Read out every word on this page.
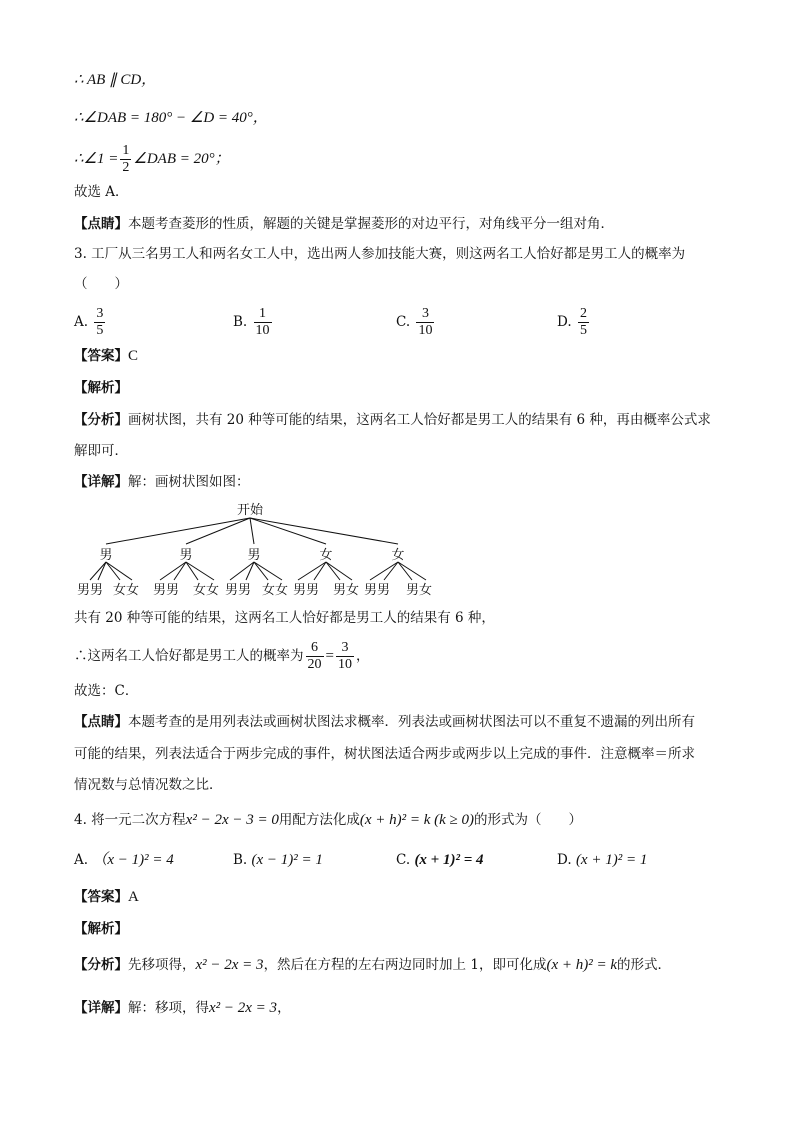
∴ AB ∥ CD，
∴∠DAB = 180° − ∠D = 40°，
∴∠1 = $\frac{1}{2}$ ∠DAB = 20°；
故选 A．
【点睛】本题考查菱形的性质，解题的关键是掌握菱形的对边平行，对角线平分一组对角．
3. 工厂从三名男工人和两名女工人中，选出两人参加技能大赛，则这两名工人恰好都是男工人的概率为
（　　）
A. $\frac{3}{5}$	B. $\frac{1}{10}$	C. $\frac{3}{10}$	D. $\frac{2}{5}$
【答案】C
【解析】
【分析】画树状图，共有 20 种等可能的结果，这两名工人恰好都是男工人的结果有 6 种，再由概率公式求
解即可．
【详解】解：画树状图如图：
开始
男	男	男	女	女
男男 女女 男男 女女 男男 女女 男男 男女 男男 男女
共有 20 种等可能的结果，这两名工人恰好都是男工人的结果有 6 种，
∴这两名工人恰好都是男工人的概率为 $\frac{6}{20} = \frac{3}{10}$ ，
故选：C．
【点睛】本题考查的是用列表法或画树状图法求概率．列表法或画树状图法可以不重复不遗漏的列出所有
可能的结果，列表法适合于两步完成的事件，树状图法适合两步或两步以上完成的事件．注意概率＝所求
情况数与总情况数之比．
4. 将一元二次方程x² − 2x − 3 = 0用配方法化成(x + h)² = k (k ≥ 0)的形式为（　　）
A. （x − 1)² = 4	B. (x − 1)² = 1	C. (x + 1)² = 4	D. (x + 1)² = 1
【答案】A
【解析】
【分析】先移项得，x² − 2x = 3，然后在方程的左右两边同时加上 1，即可化成(x + h)² = k的形式．
【详解】解：移项，得x² − 2x = 3，
